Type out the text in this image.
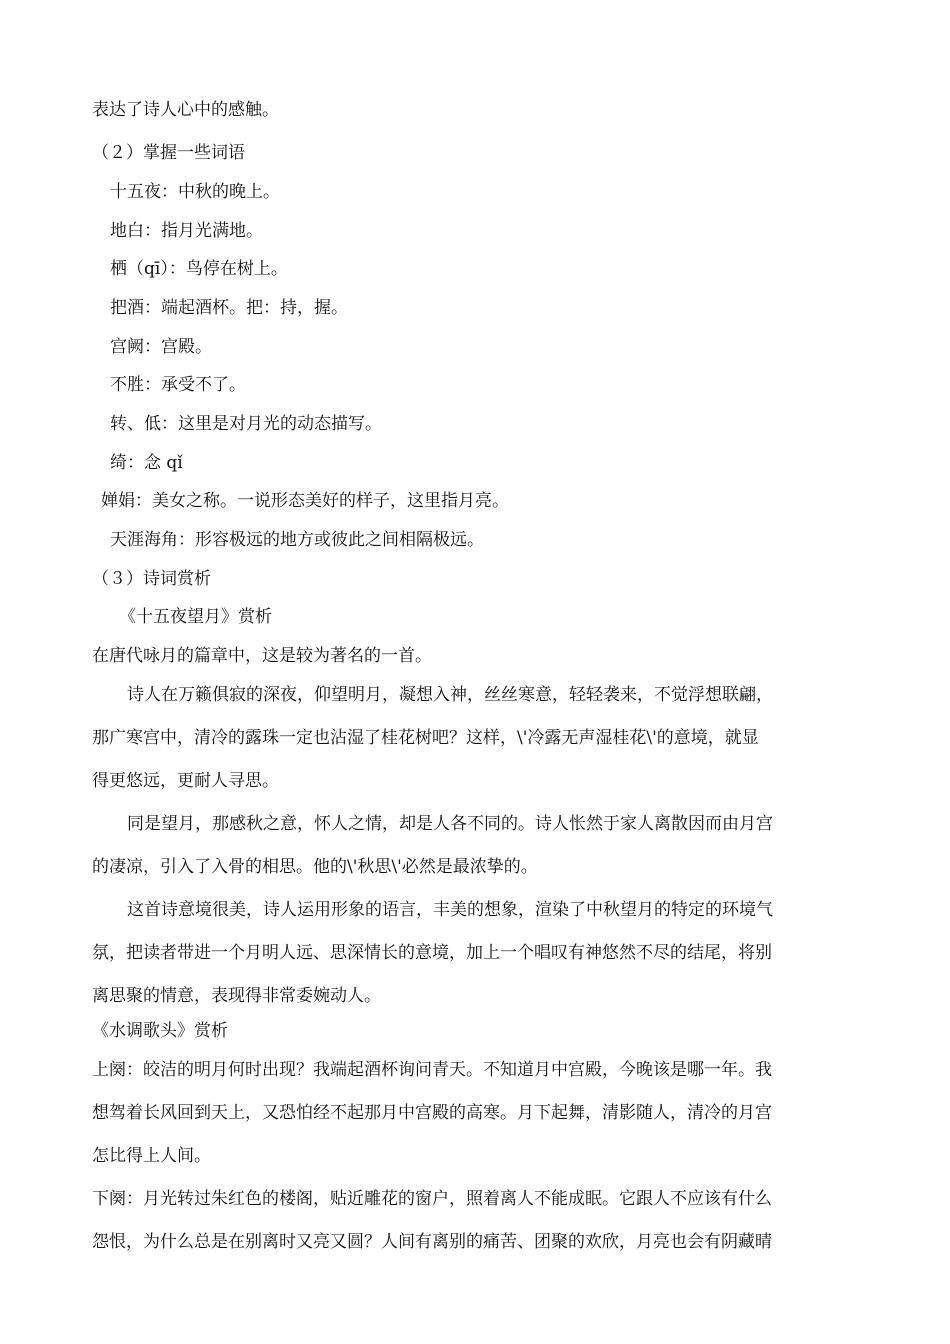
表达了诗人心中的感触。
（２）掌握一些词语
十五夜：中秋的晚上。
地白：指月光满地。
栖（qī）：鸟停在树上。
把酒：端起酒杯。把：持，握。
宫阙：宫殿。
不胜：承受不了。
转、低：这里是对月光的动态描写。
绮：念 qǐ
婵娟：美女之称。一说形态美好的样子，这里指月亮。
天涯海角：形容极远的地方或彼此之间相隔极远。
（３）诗词赏析
《十五夜望月》赏析
在唐代咏月的篇章中，这是较为著名的一首。
诗人在万籁俱寂的深夜，仰望明月，凝想入神，丝丝寒意，轻轻袭来，不觉浮想联翩，
那广寒宫中，清冷的露珠一定也沾湿了桂花树吧？这样，\'冷露无声湿桂花\'的意境，就显
得更悠远，更耐人寻思。
同是望月，那感秋之意，怀人之情，却是人各不同的。诗人怅然于家人离散因而由月宫
的凄凉，引入了入骨的相思。他的\'秋思\'必然是最浓挚的。
这首诗意境很美，诗人运用形象的语言，丰美的想象，渲染了中秋望月的特定的环境气
氛，把读者带进一个月明人远、思深情长的意境，加上一个唱叹有神悠然不尽的结尾，将别
离思聚的情意，表现得非常委婉动人。
《水调歌头》赏析
上阕：皎洁的明月何时出现？我端起酒杯询问青天。不知道月中宫殿，今晚该是哪一年。我
想驾着长风回到天上，又恐怕经不起那月中宫殿的高寒。月下起舞，清影随人，清冷的月宫
怎比得上人间。
下阕：月光转过朱红色的楼阁，贴近雕花的窗户，照着离人不能成眠。它跟人不应该有什么
怨恨，为什么总是在别离时又亮又圆？人间有离别的痛苦、团聚的欢欣，月亮也会有阴藏晴
